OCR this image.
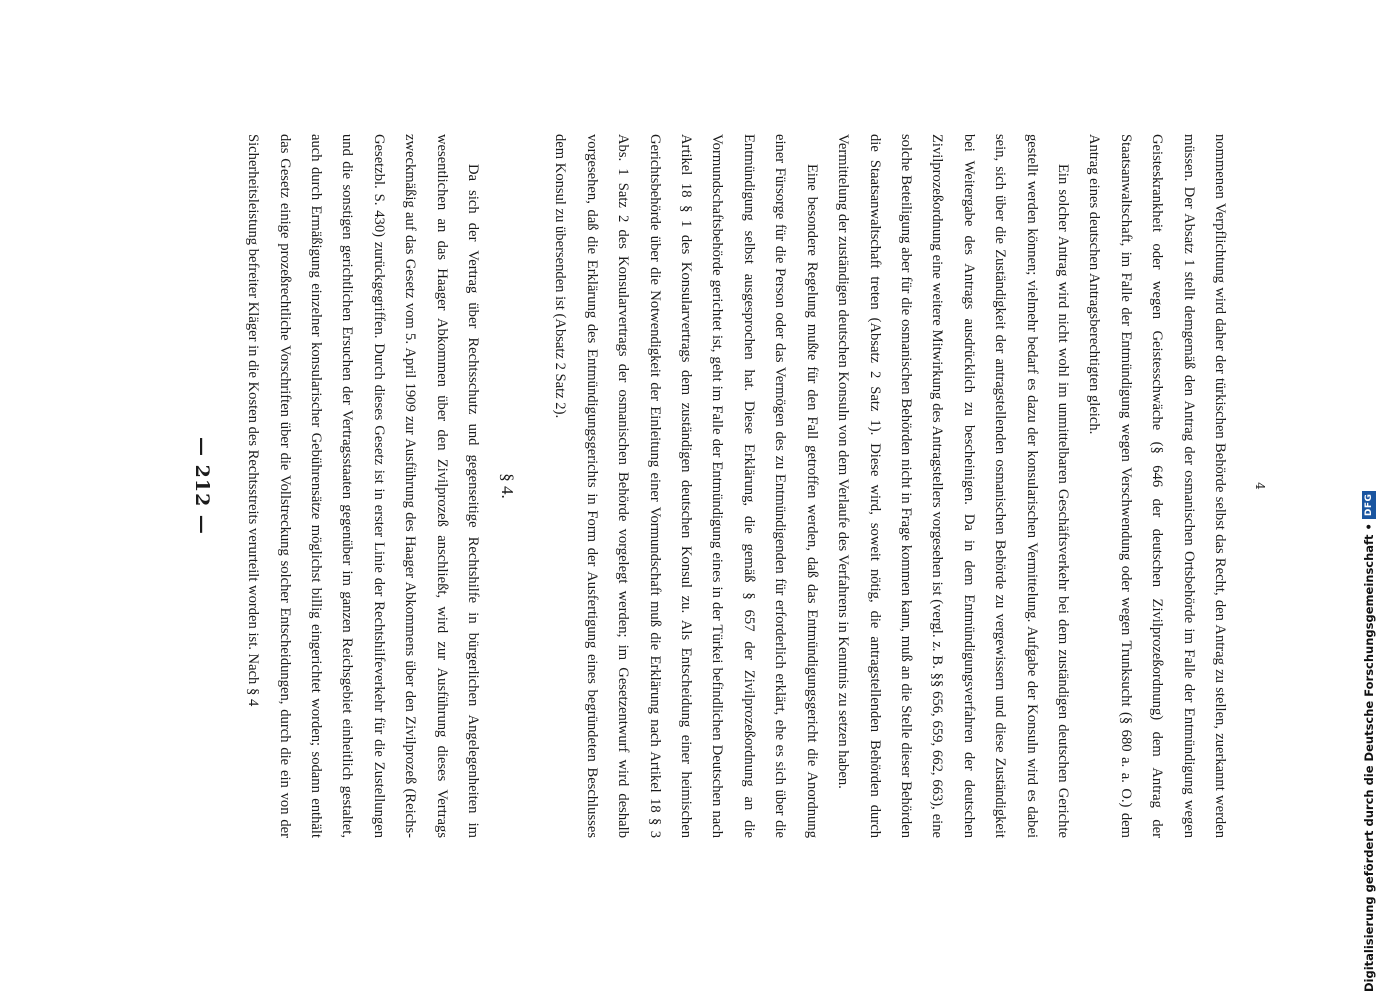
— 212 —	nommenen Verpflichtung wird daher der türkischen Behörde selbst das Recht, den Antrag zu stellen, zuerkannt werden müssen. Der Absatz 1 stellt demgemäß den Antrag der osmanischen Ortsbehörde im Falle der Entmündigung wegen Geisteskrankheit oder wegen Geistesschwäche (§ 646 der deutschen Zivilprozeßordnung) dem Antrag der Staatsanwaltschaft, im Falle der Entmündigung wegen Verschwendung oder wegen Trunksucht (§ 680 a. a. O.) dem Antrag eines deutschen Antragsberechtigten gleich.

Ein solcher Antrag wird nicht wohl im unmittelbaren Geschäftsverkehr bei dem zuständigen deutschen Gerichte gestellt werden können; vielmehr bedarf es dazu der konsularischen Vermittelung. Aufgabe der Konsuln wird es dabei sein, sich über die Zuständigkeit der antragstellenden osmanischen Behörde zu vergewissern und diese Zuständigkeit bei Weitergabe des Antrags ausdrücklich zu bescheinigen. Da in dem Entmündigungsverfahren der deutschen Zivilprozeßordnung eine weitere Mitwirkung des Antragstellers vorgesehen ist (vergl. z. B. §§ 656, 659, 662, 663), eine solche Beteiligung aber für die osmanischen Behörden nicht in Frage kommen kann, muß an die Stelle dieser Behörden die Staatsanwaltschaft treten (Absatz 2 Satz 1). Diese wird, soweit nötig, die antragstellenden Behörden durch Vermittelung der zuständigen deutschen Konsuln von dem Verlaufe des Verfahrens in Kenntnis zu setzen haben.

Eine besondere Regelung mußte für den Fall getroffen werden, daß das Entmündigungsgericht die Anordnung einer Fürsorge für die Person oder das Vermögen des zu Entmündigenden für erforderlich erklärt, ehe es sich über die Entmündigung selbst ausgesprochen hat. Diese Erklärung, die gemäß § 657 der Zivilprozeßordnung an die Vormundschaftsbehörde gerichtet ist, geht im Falle der Entmündigung eines in der Türkei befindlichen Deutschen nach Artikel 18 § 1 des Konsularvertrags dem zuständigen deutschen Konsul zu. Als Entscheidung einer heimischen Gerichtsbehörde über die Notwendigkeit der Einleitung einer Vormundschaft muß die Erklärung nach Artikel 18 § 3 Abs. 1 Satz 2 des Konsularvertrags der osmanischen Behörde vorgelegt werden; im Gesetzentwurf wird deshalb vorgesehen, daß die Erklärung des Entmündigungsgerichts in Form der Ausfertigung eines begründeten Beschlusses dem Konsul zu übersenden ist (Absatz 2 Satz 2).

§ 4.

Da sich der Vertrag über Rechtsschutz und gegenseitige Rechtshilfe in bürgerlichen Angelegenheiten im wesentlichen an das Haager Abkommen über den Zivilprozeß anschließt, wird zur Ausführung dieses Vertrags zweckmäßig auf das Gesetz vom 5. April 1909 zur Ausführung des Haager Abkommens über den Zivilprozeß (Reichs-Gesetzbl. S. 430) zurückgegriffen. Durch dieses Gesetz ist in erster Linie der Rechtshilfeverkehr für die Zustellungen und die sonstigen gerichtlichen Ersuchen der Vertragsstaaten gegenüber im ganzen Reichsgebiet einheitlich gestaltet, auch durch Ermäßigung einzelner konsularischer Gebührensätze möglichst billig eingerichtet worden; sodann enthält das Gesetz einige prozeßrechtliche Vorschriften über die Vollstreckung solcher Entscheidungen, durch die ein von der Sicherheitsleistung befreiter Kläger in die Kosten des Rechtsstreits verurteilt worden ist. Nach § 4	4
Digitalisierung gefördert durch die Deutsche Forschungsgemeinschaft •
DFG
